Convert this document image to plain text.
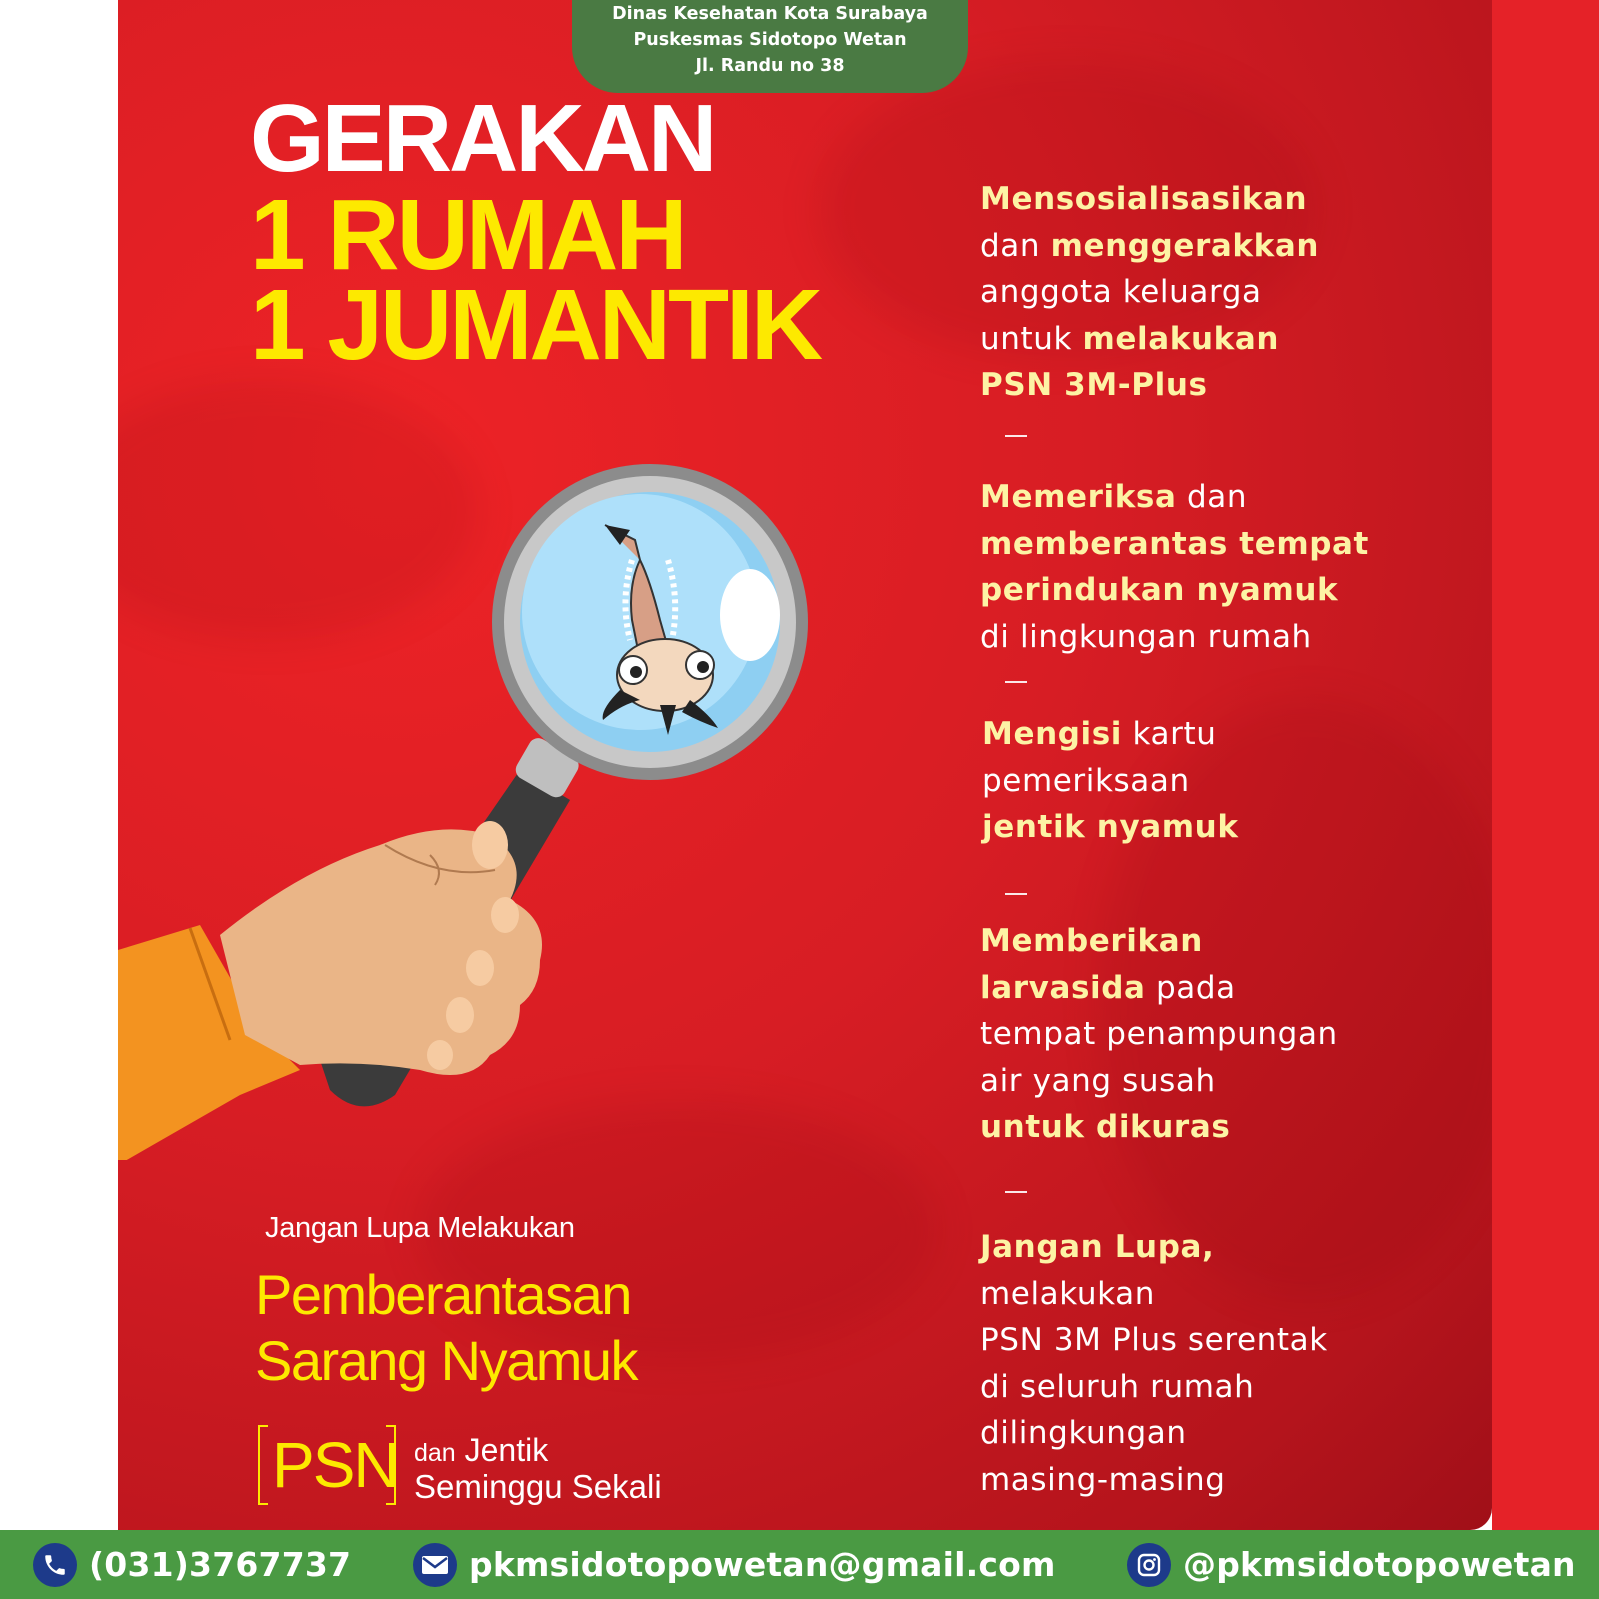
Dinas Kesehatan Kota Surabaya
Puskesmas Sidotopo Wetan
Jl. Randu no 38
GERAKAN
1 RUMAH
1 JUMANTIK
Mensosialisasikan
dan menggerakkan
anggota keluarga
untuk melakukan
PSN 3M-Plus
Memeriksa dan
memberantas tempat
perindukan nyamuk
di lingkungan rumah
Mengisi kartu
pemeriksaan
jentik nyamuk
Memberikan
larvasida pada
tempat penampungan
air yang susah
untuk dikuras
Jangan Lupa,
melakukan
PSN 3M Plus serentak
di seluruh rumah
dilingkungan
masing-masing
Jangan Lupa Melakukan
Pemberantasan
Sarang Nyamuk
PSN dan Jentik
Seminggu Sekali
(031)3767737	pkmsidotopowetan@gmail.com	@pkmsidotopowetan
